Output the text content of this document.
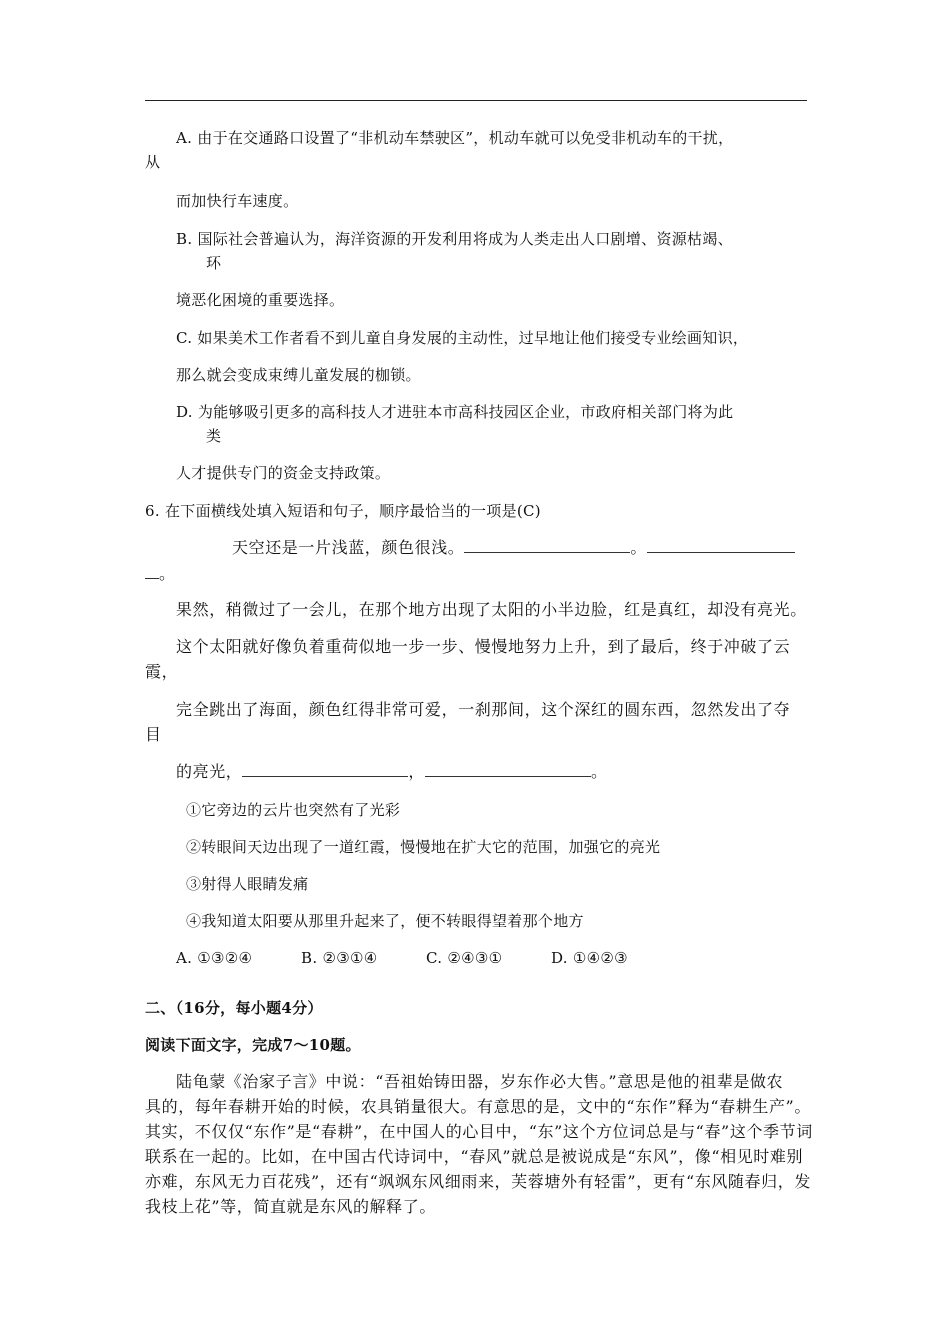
A. 由于在交通路口设置了“非机动车禁驶区”，机动车就可以免受非机动车的干扰，
从
而加快行车速度。
B. 国际社会普遍认为，海洋资源的开发利用将成为人类走出人口剧增、资源枯竭、
环
境恶化困境的重要选择。
C. 如果美术工作者看不到儿童自身发展的主动性，过早地让他们接受专业绘画知识，
那么就会变成束缚儿童发展的枷锁。
D. 为能够吸引更多的高科技人才进驻本市高科技园区企业，市政府相关部门将为此
类
人才提供专门的资金支持政策。
6. 在下面横线处填入短语和句子，顺序最恰当的一项是(C)
天空还是一片浅蓝，颜色很浅。	。
。
果然，稍微过了一会儿，在那个地方出现了太阳的小半边脸，红是真红，却没有亮光。
这个太阳就好像负着重荷似地一步一步、慢慢地努力上升，到了最后，终于冲破了云
霞，
完全跳出了海面，颜色红得非常可爱，一刹那间，这个深红的圆东西，忽然发出了夺
目
的亮光，	，	。
①它旁边的云片也突然有了光彩
②转眼间天边出现了一道红霞，慢慢地在扩大它的范围，加强它的亮光
③射得人眼睛发痛
④我知道太阳要从那里升起来了，便不转眼得望着那个地方
A. ①③②④	B. ②③①④	C. ②④③①	D. ①④②③
二、（16分，每小题4分）
阅读下面文字，完成7～10题。
陆龟蒙《治家子言》中说：“吾祖始铸田器，岁东作必大售。”意思是他的祖辈是做农
具的，每年春耕开始的时候，农具销量很大。有意思的是，文中的“东作”释为“春耕生产”。
其实，不仅仅“东作”是“春耕”，在中国人的心目中，“东”这个方位词总是与“春”这个季节词
联系在一起的。比如，在中国古代诗词中，“春风”就总是被说成是“东风”，像“相见时难别
亦难，东风无力百花残”，还有“飒飒东风细雨来，芙蓉塘外有轻雷”，更有“东风随春归，发
我枝上花”等，简直就是东风的解释了。
